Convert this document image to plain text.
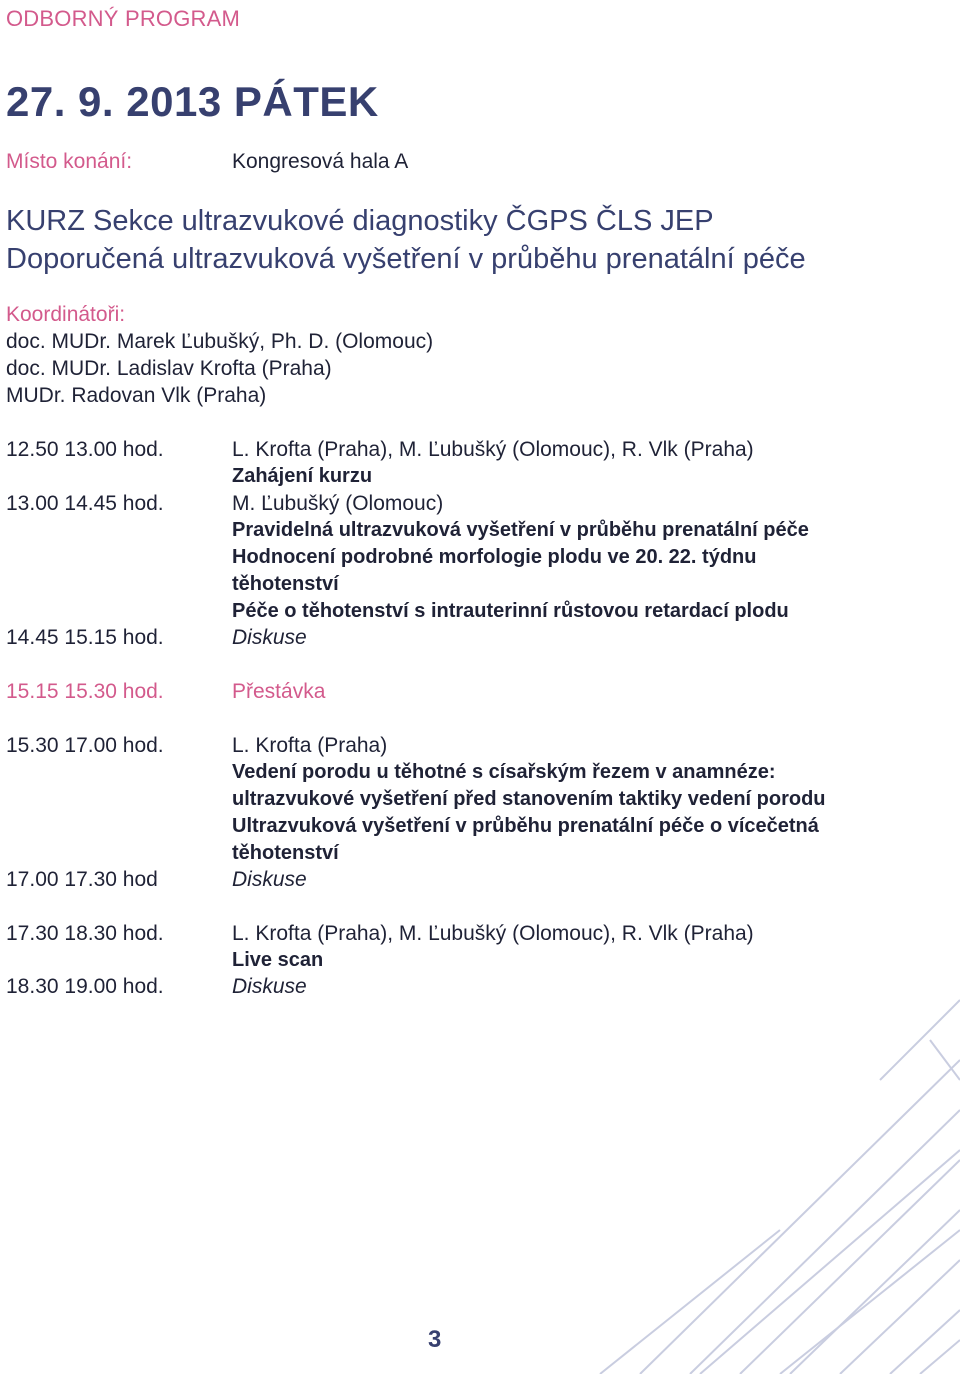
ODBORNÝ PROGRAM
27. 9. 2013 PÁTEK
Místo konání:	Kongresová hala A
KURZ Sekce ultrazvukové diagnostiky ČGPS ČLS JEP
Doporučená ultrazvuková vyšetření v průběhu prenatální péče
Koordinátoři:
doc. MUDr. Marek Ľubušký, Ph. D. (Olomouc)
doc. MUDr. Ladislav Krofta (Praha)
MUDr. Radovan Vlk (Praha)
12.50 13.00 hod.	L. Krofta (Praha), M. Ľubušký (Olomouc), R. Vlk (Praha)
Zahájení kurzu
13.00 14.45 hod.	M. Ľubušký (Olomouc)
Pravidelná ultrazvuková vyšetření v průběhu prenatální péče
Hodnocení podrobné morfologie plodu ve 20. 22. týdnu
těhotenství
Péče o těhotenství s intrauterinní růstovou retardací plodu
14.45 15.15 hod.	Diskuse
15.15 15.30 hod.	Přestávka
15.30 17.00 hod.	L. Krofta (Praha)
Vedení porodu u těhotné s císařským řezem v anamnéze:
ultrazvukové vyšetření před stanovením taktiky vedení porodu
Ultrazvuková vyšetření v průběhu prenatální péče o vícečetná
těhotenství
17.00 17.30 hod	Diskuse
17.30 18.30 hod.	L. Krofta (Praha), M. Ľubušký (Olomouc), R. Vlk (Praha)
Live scan
18.30 19.00 hod.	Diskuse
3
